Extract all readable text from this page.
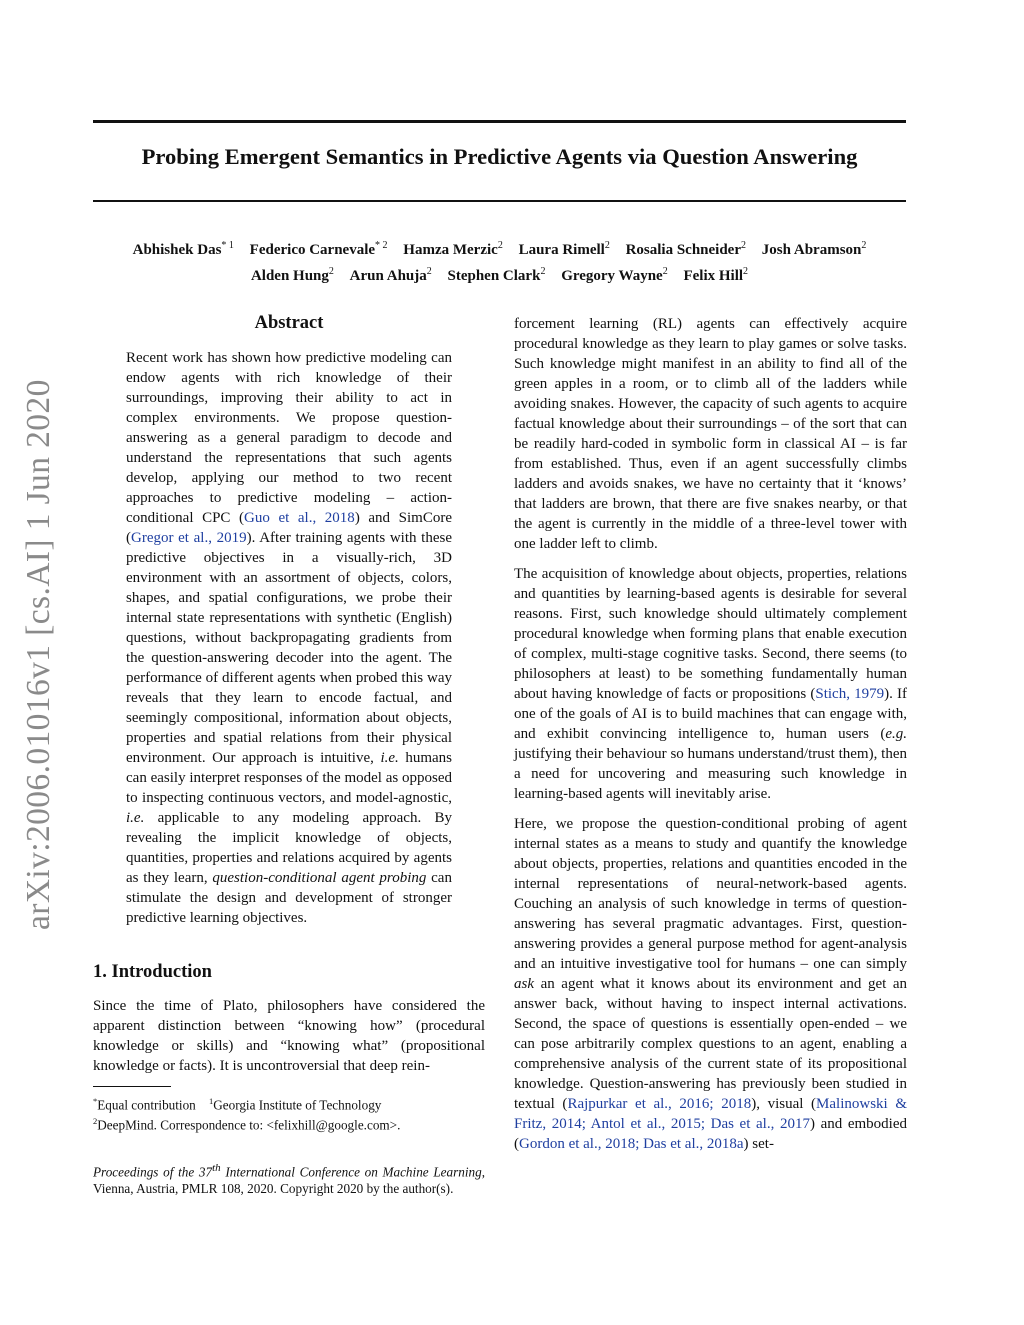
arXiv:2006.01016v1 [cs.AI] 1 Jun 2020
Probing Emergent Semantics in Predictive Agents via Question Answering
Abhishek Das$^{* 1}$ Federico Carnevale$^{* 2}$ Hamza Merzic$^2$ Laura Rimell$^2$ Rosalia Schneider$^2$ Josh Abramson$^2$
Alden Hung$^2$ Arun Ahuja$^2$ Stephen Clark$^2$ Gregory Wayne$^2$ Felix Hill$^2$
Abstract

Recent work has shown how predictive modeling can endow agents with rich knowledge of their surroundings, improving their ability to act in complex environments. We propose question-answering as a general paradigm to decode and understand the representations that such agents develop, applying our method to two recent approaches to predictive modeling – action-conditional CPC (Guo et al., 2018) and SimCore (Gregor et al., 2019). After training agents with these predictive objectives in a visually-rich, 3D environment with an assortment of objects, colors, shapes, and spatial configurations, we probe their internal state representations with synthetic (English) questions, without backpropagating gradients from the question-answering decoder into the agent. The performance of different agents when probed this way reveals that they learn to encode factual, and seemingly compositional, information about objects, properties and spatial relations from their physical environment. Our approach is intuitive, i.e. humans can easily interpret responses of the model as opposed to inspecting continuous vectors, and model-agnostic, i.e. applicable to any modeling approach. By revealing the implicit knowledge of objects, quantities, properties and relations acquired by agents as they learn, question-conditional agent probing can stimulate the design and development of stronger predictive learning objectives.

1. Introduction

Since the time of Plato, philosophers have considered the apparent distinction between “knowing how” (procedural knowledge or skills) and “knowing what” (propositional knowledge or facts). It is uncontroversial that deep rein-

*Equal contribution $^1$Georgia Institute of Technology
$^2$DeepMind. Correspondence to: <felixhill@google.com>.

Proceedings of the 37th International Conference on Machine Learning, Vienna, Austria, PMLR 108, 2020. Copyright 2020 by the author(s).

forcement learning (RL) agents can effectively acquire procedural knowledge as they learn to play games or solve tasks. Such knowledge might manifest in an ability to find all of the green apples in a room, or to climb all of the ladders while avoiding snakes. However, the capacity of such agents to acquire factual knowledge about their surroundings – of the sort that can be readily hard-coded in symbolic form in classical AI – is far from established. Thus, even if an agent successfully climbs ladders and avoids snakes, we have no certainty that it ‘knows’ that ladders are brown, that there are five snakes nearby, or that the agent is currently in the middle of a three-level tower with one ladder left to climb.

The acquisition of knowledge about objects, properties, relations and quantities by learning-based agents is desirable for several reasons. First, such knowledge should ultimately complement procedural knowledge when forming plans that enable execution of complex, multi-stage cognitive tasks. Second, there seems (to philosophers at least) to be something fundamentally human about having knowledge of facts or propositions (Stich, 1979). If one of the goals of AI is to build machines that can engage with, and exhibit convincing intelligence to, human users (e.g. justifying their behaviour so humans understand/trust them), then a need for uncovering and measuring such knowledge in learning-based agents will inevitably arise.

Here, we propose the question-conditional probing of agent internal states as a means to study and quantify the knowledge about objects, properties, relations and quantities encoded in the internal representations of neural-network-based agents. Couching an analysis of such knowledge in terms of question-answering has several pragmatic advantages. First, question-answering provides a general purpose method for agent-analysis and an intuitive investigative tool for humans – one can simply ask an agent what it knows about its environment and get an answer back, without having to inspect internal activations. Second, the space of questions is essentially open-ended – we can pose arbitrarily complex questions to an agent, enabling a comprehensive analysis of the current state of its propositional knowledge. Question-answering has previously been studied in textual (Rajpurkar et al., 2016; 2018), visual (Malinowski & Fritz, 2014; Antol et al., 2015; Das et al., 2017) and embodied (Gordon et al., 2018; Das et al., 2018a) set-
